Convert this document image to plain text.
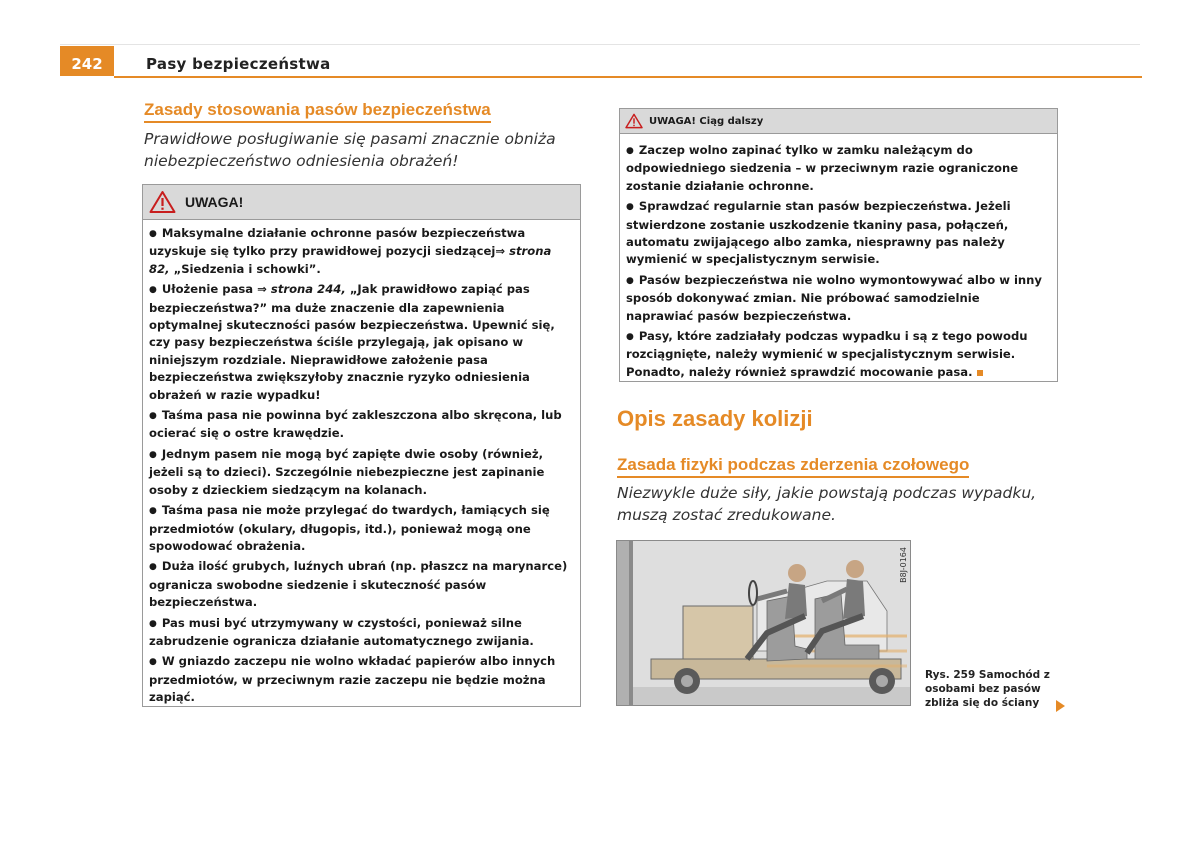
242	Pasy bezpieczeństwa
Zasady stosowania pasów bezpieczeństwa
Prawidłowe posługiwanie się pasami znacznie obniża niebezpieczeństwo odniesienia obrażeń!
UWAGA!

● Maksymalne działanie ochronne pasów bezpieczeństwa uzyskuje się tylko przy prawidłowej pozycji siedzącej⇒ strona 82, „Siedzenia i schowki”.

● Ułożenie pasa ⇒ strona 244, „Jak prawidłowo zapiąć pas bezpieczeństwa?” ma duże znaczenie dla zapewnienia optymalnej skuteczności pasów bezpieczeństwa. Upewnić się, czy pasy bezpieczeństwa ściśle przylegają, jak opisano w niniejszym rozdziale. Nieprawidłowe założenie pasa bezpieczeństwa zwiększyłoby znacznie ryzyko odniesienia obrażeń w razie wypadku!

● Taśma pasa nie powinna być zakleszczona albo skręcona, lub ocierać się o ostre krawędzie.

● Jednym pasem nie mogą być zapięte dwie osoby (również, jeżeli są to dzieci). Szczególnie niebezpieczne jest zapinanie osoby z dzieckiem siedzącym na kolanach.

● Taśma pasa nie może przylegać do twardych, łamiących się przedmiotów (okulary, długopis, itd.), ponieważ mogą one spowodować obrażenia.

● Duża ilość grubych, luźnych ubrań (np. płaszcz na marynarce) ogranicza swobodne siedzenie i skuteczność pasów bezpieczeństwa.

● Pas musi być utrzymywany w czystości, ponieważ silne zabrudzenie ogranicza działanie automatycznego zwijania.

● W gniazdo zaczepu nie wolno wkładać papierów albo innych przedmiotów, w przeciwnym razie zaczepu nie będzie można zapiąć.

UWAGA! Ciąg dalszy

● Zaczep wolno zapinać tylko w zamku należącym do odpowiedniego siedzenia – w przeciwnym razie ograniczone zostanie działanie ochronne.

● Sprawdzać regularnie stan pasów bezpieczeństwa. Jeżeli stwierdzone zostanie uszkodzenie tkaniny pasa, połączeń, automatu zwijającego albo zamka, niesprawny pas należy wymienić w specjalistycznym serwisie.

● Pasów bezpieczeństwa nie wolno wymontowywać albo w inny sposób dokonywać zmian. Nie próbować samodzielnie naprawiać pasów bezpieczeństwa.

● Pasy, które zadziałały podczas wypadku i są z tego powodu rozciągnięte, należy wymienić w specjalistycznym serwisie. Ponadto, należy również sprawdzić mocowanie pasa.

Opis zasady kolizji
Zasada fizyki podczas zderzenia czołowego
Niezwykle duże siły, jakie powstają podczas wypadku, muszą zostać zredukowane.
B8J-0164
Rys. 259 Samochód z osobami bez pasów zbliża się do ściany
